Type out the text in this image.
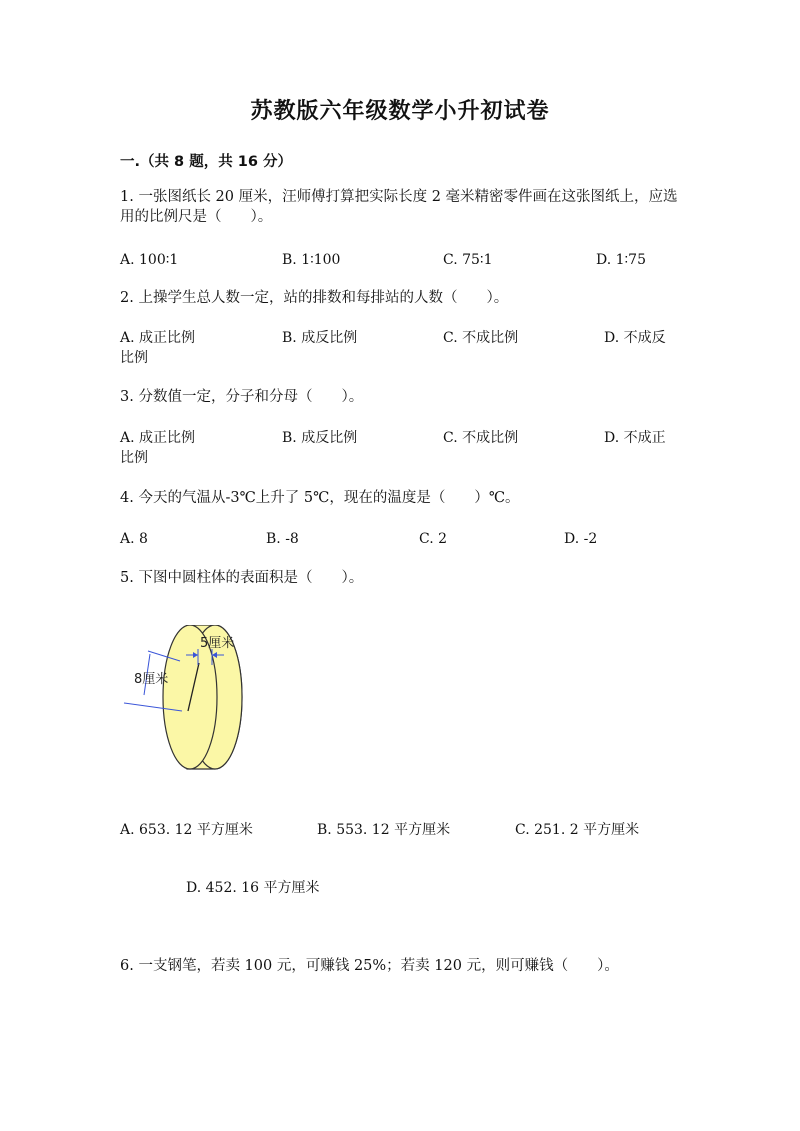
苏教版六年级数学小升初试卷
一.（共 8 题，共 16 分）
1. 一张图纸长 20 厘米，汪师傅打算把实际长度 2 毫米精密零件画在这张图纸上，应选用的比例尺是（　　）。
A. 100∶1	B. 1∶100	C. 75∶1	D. 1∶75
2. 上操学生总人数一定，站的排数和每排站的人数（　　）。
A. 成正比例	B. 成反比例	C. 不成比例	D. 不成反
比例
3. 分数值一定，分子和分母（　　）。
A. 成正比例	B. 成反比例	C. 不成比例	D. 不成正
比例
4. 今天的气温从-3℃上升了 5℃，现在的温度是（　　）℃。
A. 8	B. -8	C. 2	D. -2
5. 下图中圆柱体的表面积是（　　）。
5厘米
8厘米
A. 653. 12 平方厘米	B. 553. 12 平方厘米	C. 251. 2 平方厘米
D. 452. 16 平方厘米
6. 一支钢笔，若卖 100 元，可赚钱 25%；若卖 120 元，则可赚钱（　　）。
